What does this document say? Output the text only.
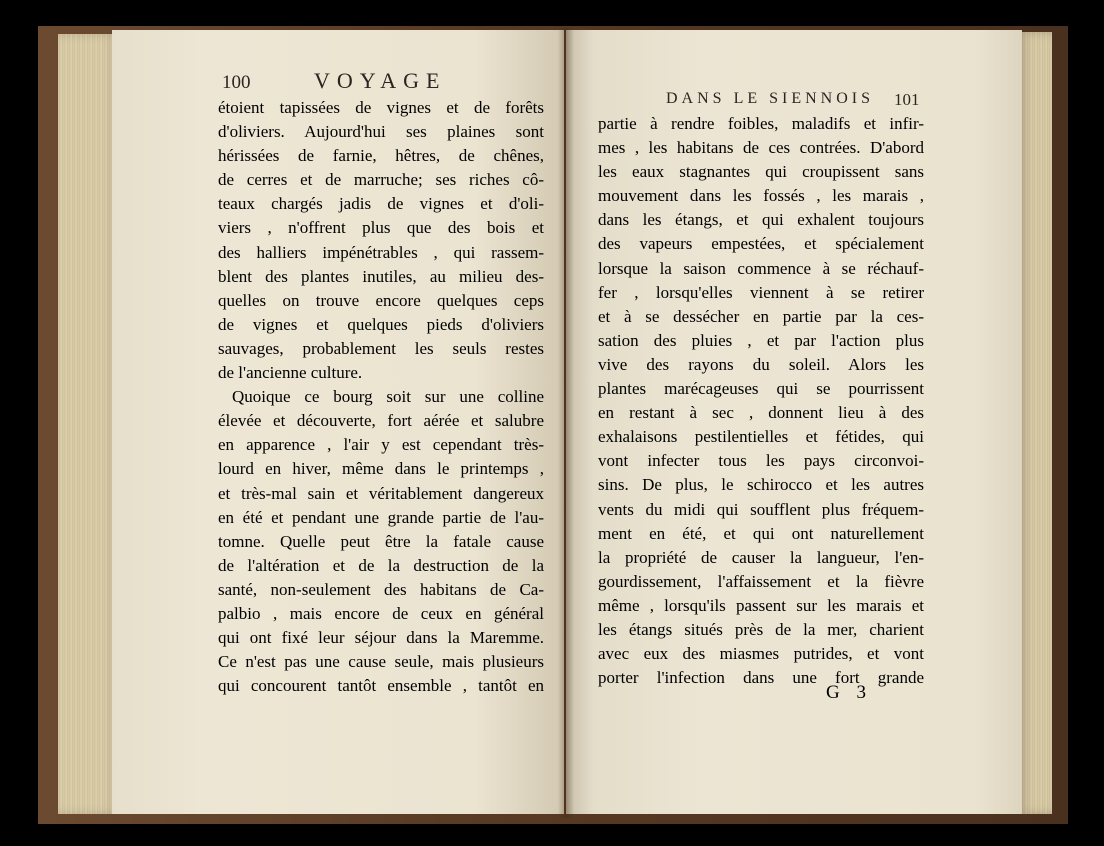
100	VOYAGE
DANS LE SIENNOIS 101
étoient tapissées de vignes et de forêts
d'oliviers. Aujourd'hui ses plaines sont
hérissées de farnie, hêtres, de chênes,
de cerres et de marruche; ses riches cô-
teaux chargés jadis de vignes et d'oli-
viers , n'offrent plus que des bois et
des halliers impénétrables , qui rassem-
blent des plantes inutiles, au milieu des-
quelles on trouve encore quelques ceps
de vignes et quelques pieds d'oliviers
sauvages, probablement les seuls restes
de l'ancienne culture.
Quoique ce bourg soit sur une colline
élevée et découverte, fort aérée et salubre
en apparence , l'air y est cependant très-
lourd en hiver, même dans le printemps ,
et très-mal sain et véritablement dangereux
en été et pendant une grande partie de l'au-
tomne. Quelle peut être la fatale cause
de l'altération et de la destruction de la
santé, non-seulement des habitans de Ca-
palbio , mais encore de ceux en général
qui ont fixé leur séjour dans la Maremme.
Ce n'est pas une cause seule, mais plusieurs
qui concourent tantôt ensemble , tantôt en
partie à rendre foibles, maladifs et infir-
mes , les habitans de ces contrées. D'abord
les eaux stagnantes qui croupissent sans
mouvement dans les fossés , les marais ,
dans les étangs, et qui exhalent toujours
des vapeurs empestées, et spécialement
lorsque la saison commence à se réchauf-
fer , lorsqu'elles viennent à se retirer
et à se dessécher en partie par la ces-
sation des pluies , et par l'action plus
vive des rayons du soleil. Alors les
plantes marécageuses qui se pourrissent
en restant à sec , donnent lieu à des
exhalaisons pestilentielles et fétides, qui
vont infecter tous les pays circonvoi-
sins. De plus, le schirocco et les autres
vents du midi qui soufflent plus fréquem-
ment en été, et qui ont naturellement
la propriété de causer la langueur, l'en-
gourdissement, l'affaissement et la fièvre
même , lorsqu'ils passent sur les marais et
les étangs situés près de la mer, charient
avec eux des miasmes putrides, et vont
porter l'infection dans une fort grande
G 3
